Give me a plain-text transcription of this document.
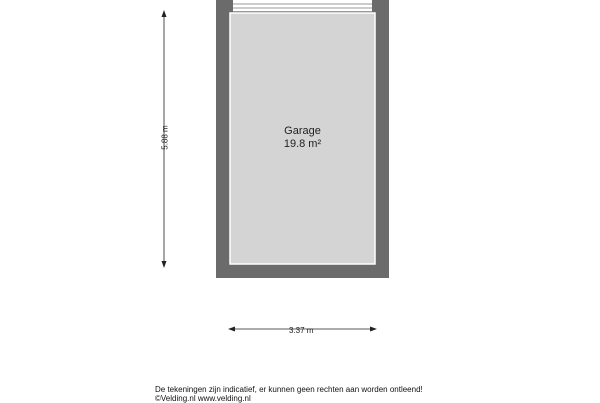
Garage
19.8 m²
3.37 m
5.88 m
De tekeningen zijn indicatief, er kunnen geen rechten aan worden ontleend!
©Velding.nl www.velding.nl
